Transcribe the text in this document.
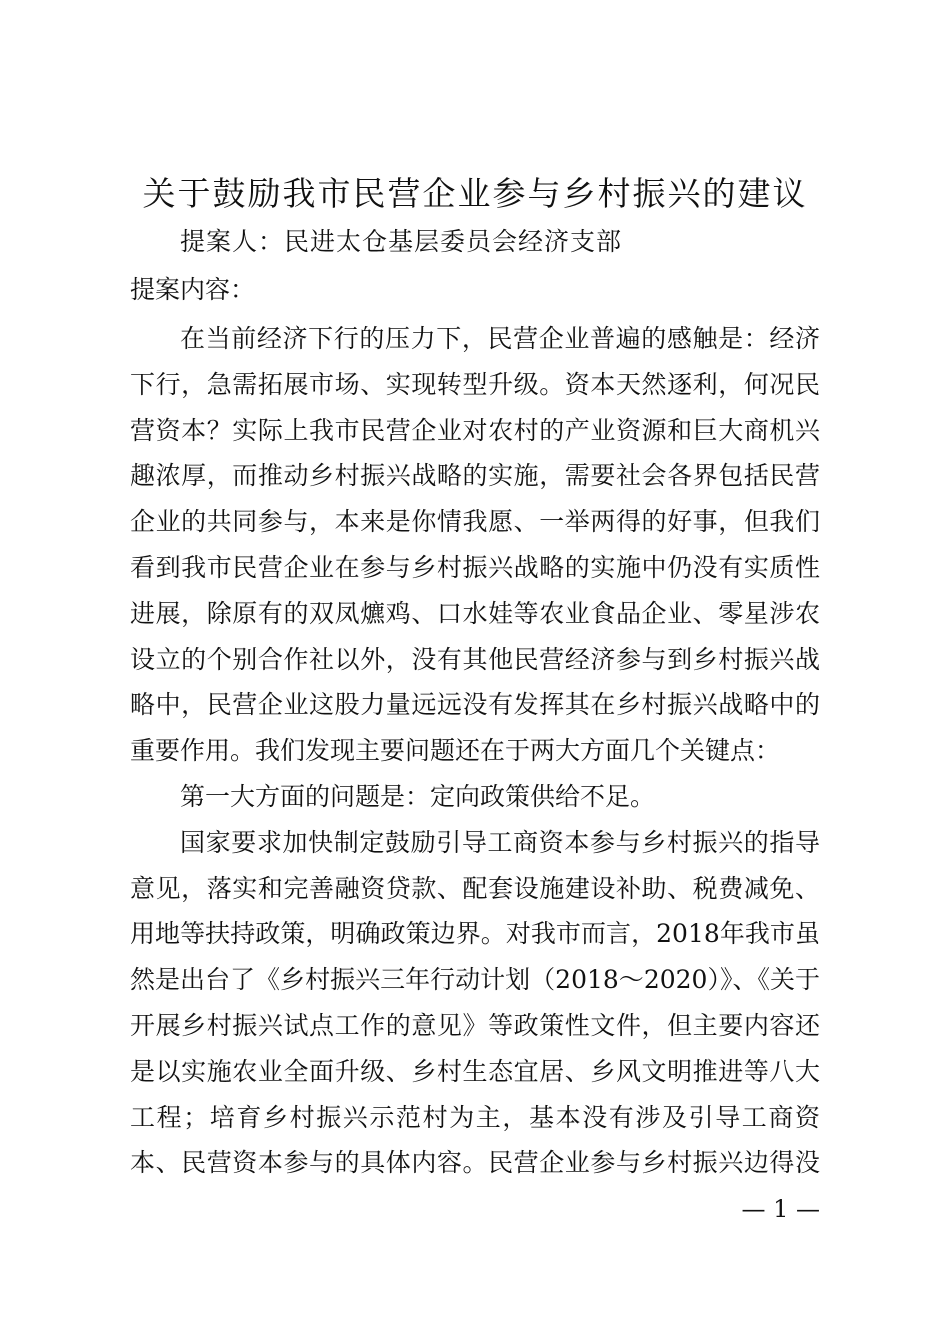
关于鼓励我市民营企业参与乡村振兴的建议
提案人：民进太仓基层委员会经济支部
提案内容：

在当前经济下行的压力下，民营企业普遍的感触是：经济下行，急需拓展市场、实现转型升级。资本天然逐利，何况民营资本？实际上我市民营企业对农村的产业资源和巨大商机兴趣浓厚，而推动乡村振兴战略的实施，需要社会各界包括民营企业的共同参与，本来是你情我愿、一举两得的好事，但我们看到我市民营企业在参与乡村振兴战略的实施中仍没有实质性进展，除原有的双凤爊鸡、口水娃等农业食品企业、零星涉农设立的个别合作社以外，没有其他民营经济参与到乡村振兴战略中，民营企业这股力量远远没有发挥其在乡村振兴战略中的重要作用。我们发现主要问题还在于两大方面几个关键点：

第一大方面的问题是：定向政策供给不足。

国家要求加快制定鼓励引导工商资本参与乡村振兴的指导意见，落实和完善融资贷款、配套设施建设补助、税费减免、用地等扶持政策，明确政策边界。对我市而言，2018年我市虽然是出台了《乡村振兴三年行动计划（2018～2020）》、《关于开展乡村振兴试点工作的意见》等政策性文件，但主要内容还是以实施农业全面升级、乡村生态宜居、乡风文明推进等八大工程；培育乡村振兴示范村为主，基本没有涉及引导工商资本、民营资本参与的具体内容。民营企业参与乡村振兴边得没

— 1 —
